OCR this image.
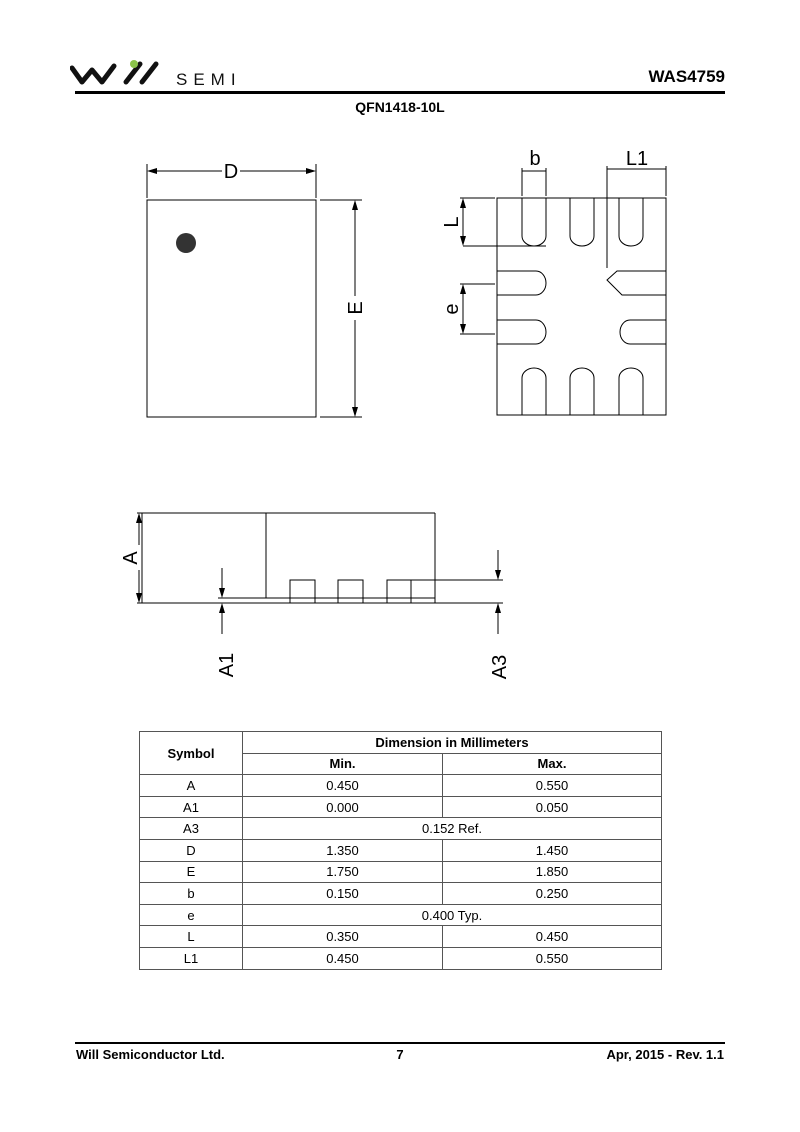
SEMI	WAS4759
QFN1418-10L
D
E
b	L1
L
e
A
A1	A3
Symbol	Dimension in Millimeters	
	Min.	Max.
A	0.450	0.550
A1	0.000	0.050
A3	0.152 Ref.	
D	1.350	1.450
E	1.750	1.850
b	0.150	0.250
e	0.400 Typ.	
L	0.350	0.450
L1	0.450	0.550
Will Semiconductor Ltd.	7	Apr, 2015 - Rev. 1.1
